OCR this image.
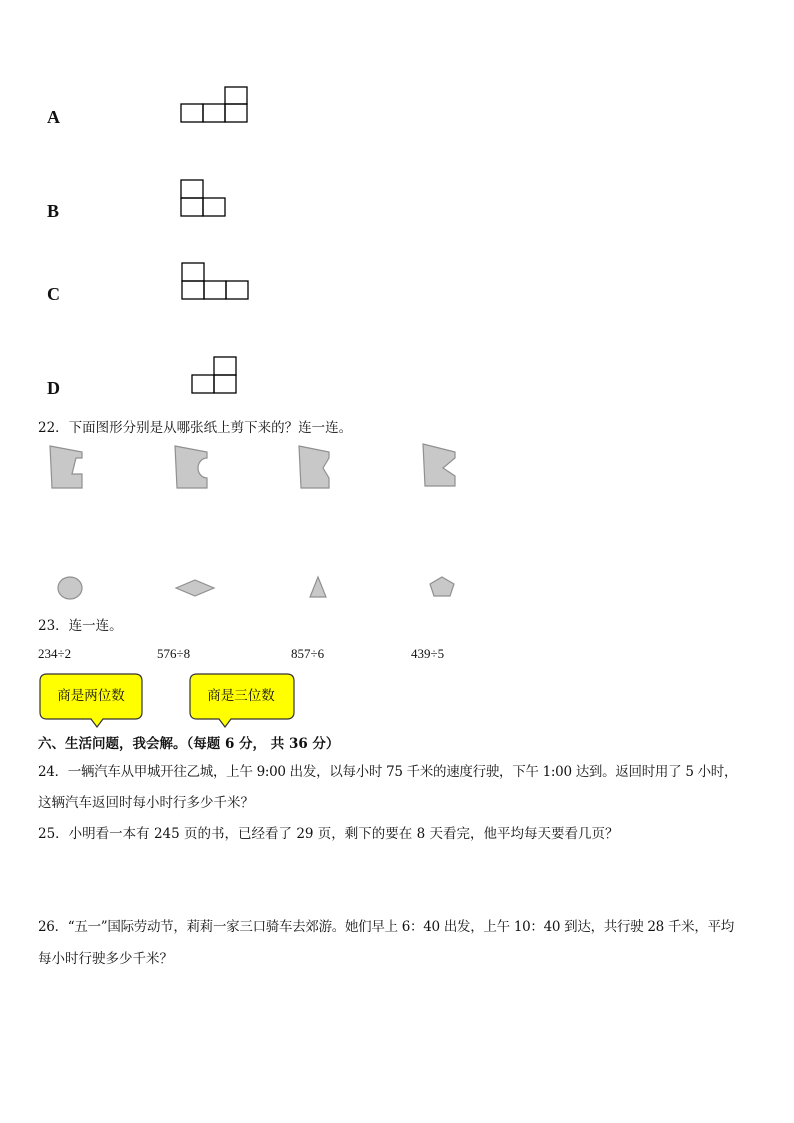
A
B
C
D
22．下面图形分别是从哪张纸上剪下来的？连一连。
23．连一连。
234÷2	576÷8	857÷6	439÷5
商是两位数	商是三位数
六、生活问题，我会解。（每题 6 分， 共 36 分）
24．一辆汽车从甲城开往乙城，上午 9:00 出发，以每小时 75 千米的速度行驶，下午 1:00 达到。返回时用了 5 小时，
这辆汽车返回时每小时行多少千米？
25．小明看一本有 245 页的书，已经看了 29 页，剩下的要在 8 天看完，他平均每天要看几页？
26．“五一”国际劳动节，莉莉一家三口骑车去郊游。她们早上 6：40 出发，上午 10：40 到达，共行驶 28 千米，平均
每小时行驶多少千米？
